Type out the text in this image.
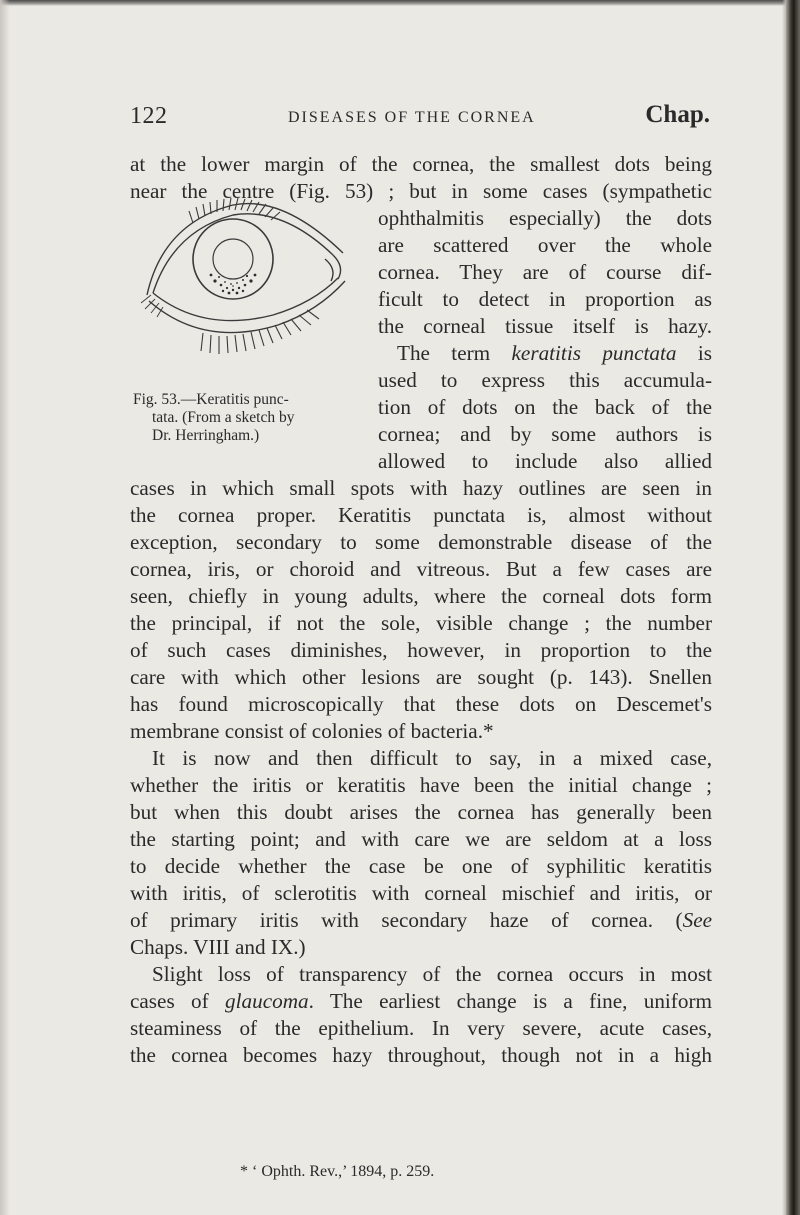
122	DISEASES OF THE CORNEA	Chap.
at the lower margin of the cornea, the smallest dots being
near the centre (Fig. 53) ; but in some cases (sympathetic
ophthalmitis especially) the dots
are scattered over the whole
cornea. They are of course dif-
ficult to detect in proportion as
the corneal tissue itself is hazy.
The term keratitis punctata is
used to express this accumula-
tion of dots on the back of the
cornea; and by some authors is
allowed to include also allied
cases in which small spots with hazy outlines are seen in
the cornea proper. Keratitis punctata is, almost without
exception, secondary to some demonstrable disease of the
cornea, iris, or choroid and vitreous. But a few cases are
seen, chiefly in young adults, where the corneal dots form
the principal, if not the sole, visible change ; the number
of such cases diminishes, however, in proportion to the
care with which other lesions are sought (p. 143). Snellen
has found microscopically that these dots on Descemet's
membrane consist of colonies of bacteria.*
It is now and then difficult to say, in a mixed case,
whether the iritis or keratitis have been the initial change ;
but when this doubt arises the cornea has generally been
the starting point; and with care we are seldom at a loss
to decide whether the case be one of syphilitic keratitis
with iritis, of sclerotitis with corneal mischief and iritis, or
of primary iritis with secondary haze of cornea. (See
Chaps. VIII and IX.)
Slight loss of transparency of the cornea occurs in most
cases of glaucoma. The earliest change is a fine, uniform
steaminess of the epithelium. In very severe, acute cases,
the cornea becomes hazy throughout, though not in a high
Fig. 53.—Keratitis punc-
tata. (From a sketch by
Dr. Herringham.)
* ‘ Ophth. Rev.,’ 1894, p. 259.
